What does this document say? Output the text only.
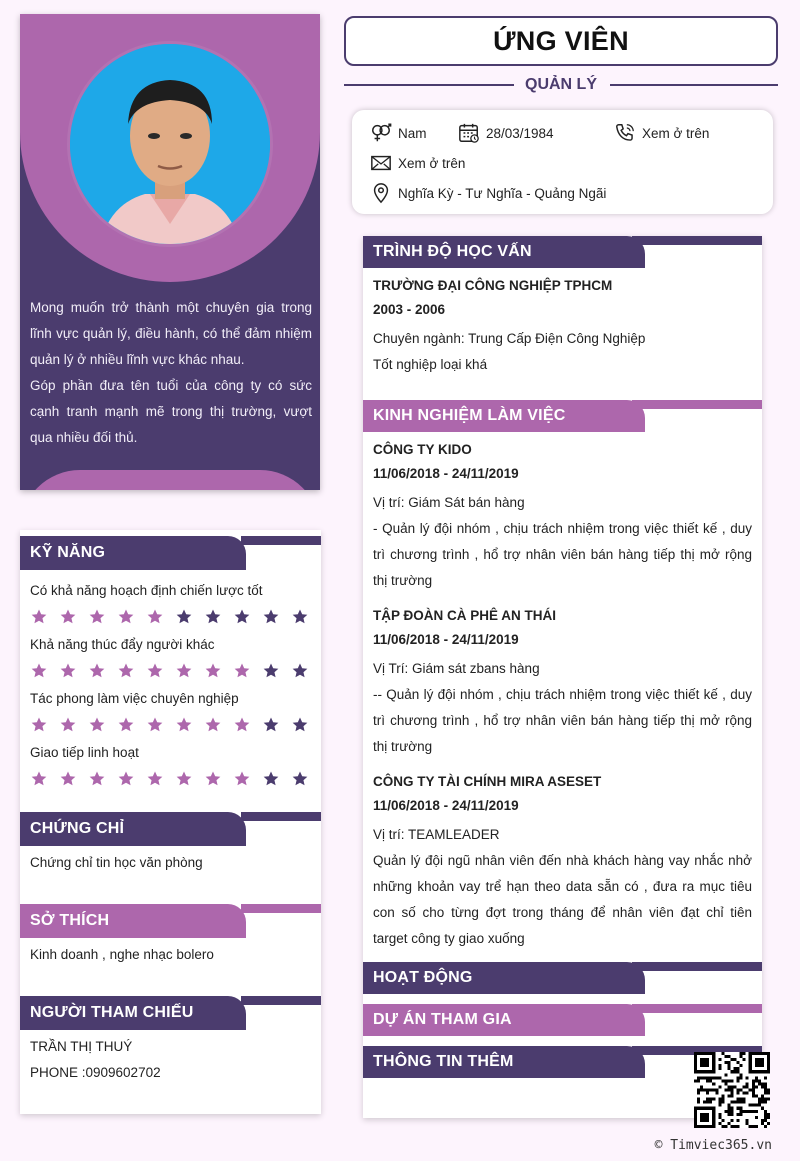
Mong muốn trở thành một chuyên gia trong lĩnh vực quản lý, điều hành, có thể đảm nhiệm quản lý ở nhiều lĩnh vực khác nhau.

Góp phần đưa tên tuổi của công ty có sức cạnh tranh mạnh mẽ trong thị trường, vượt qua nhiều đối thủ.

KỸ NĂNG
Có khả năng hoạch định chiến lược tốt
Khả năng thúc đẩy người khác
Tác phong làm việc chuyên nghiệp
Giao tiếp linh hoạt
CHỨNG CHỈ
Chứng chỉ tin học văn phòng
SỞ THÍCH
Kinh doanh , nghe nhạc bolero
NGƯỜI THAM CHIẾU
TRẦN THỊ THUÝ
PHONE :0909602702
ỨNG VIÊN
QUẢN LÝ
Nam	28/03/1984	Xem ở trên
Xem ở trên
Nghĩa Kỳ - Tư Nghĩa - Quảng Ngãi
TRÌNH ĐỘ HỌC VẤN
TRƯỜNG ĐẠI CÔNG NGHIỆP TPHCM
2003 - 2006
Chuyên ngành: Trung Cấp Điện Công Nghiệp
Tốt nghiệp loại khá
KINH NGHIỆM LÀM VIỆC
CÔNG TY KIDO
11/06/2018 - 24/11/2019
Vị trí: Giám Sát bán hàng
- Quản lý đội nhóm , chịu trách nhiệm trong việc thiết kế , duy trì chương trình , hổ trợ nhân viên bán hàng tiếp thị mở rộng thị trường
TẬP ĐOÀN CÀ PHÊ AN THÁI
11/06/2018 - 24/11/2019
Vị Trí: Giám sát zbans hàng
-- Quản lý đội nhóm , chịu trách nhiệm trong việc thiết kế , duy trì chương trình , hổ trợ nhân viên bán hàng tiếp thị mở rộng thị trường
CÔNG TY TÀI CHÍNH MIRA ASESET
11/06/2018 - 24/11/2019
Vị trí: TEAMLEADER
Quản lý đội ngũ nhân viên đến nhà khách hàng vay nhắc nhở những khoản vay trể hạn theo data sẵn có , đưa ra mục tiêu con số cho từng đợt trong tháng để nhân viên đạt chỉ tiên target công ty giao xuống
HOẠT ĐỘNG
DỰ ÁN THAM GIA
THÔNG TIN THÊM
© Timviec365.vn
